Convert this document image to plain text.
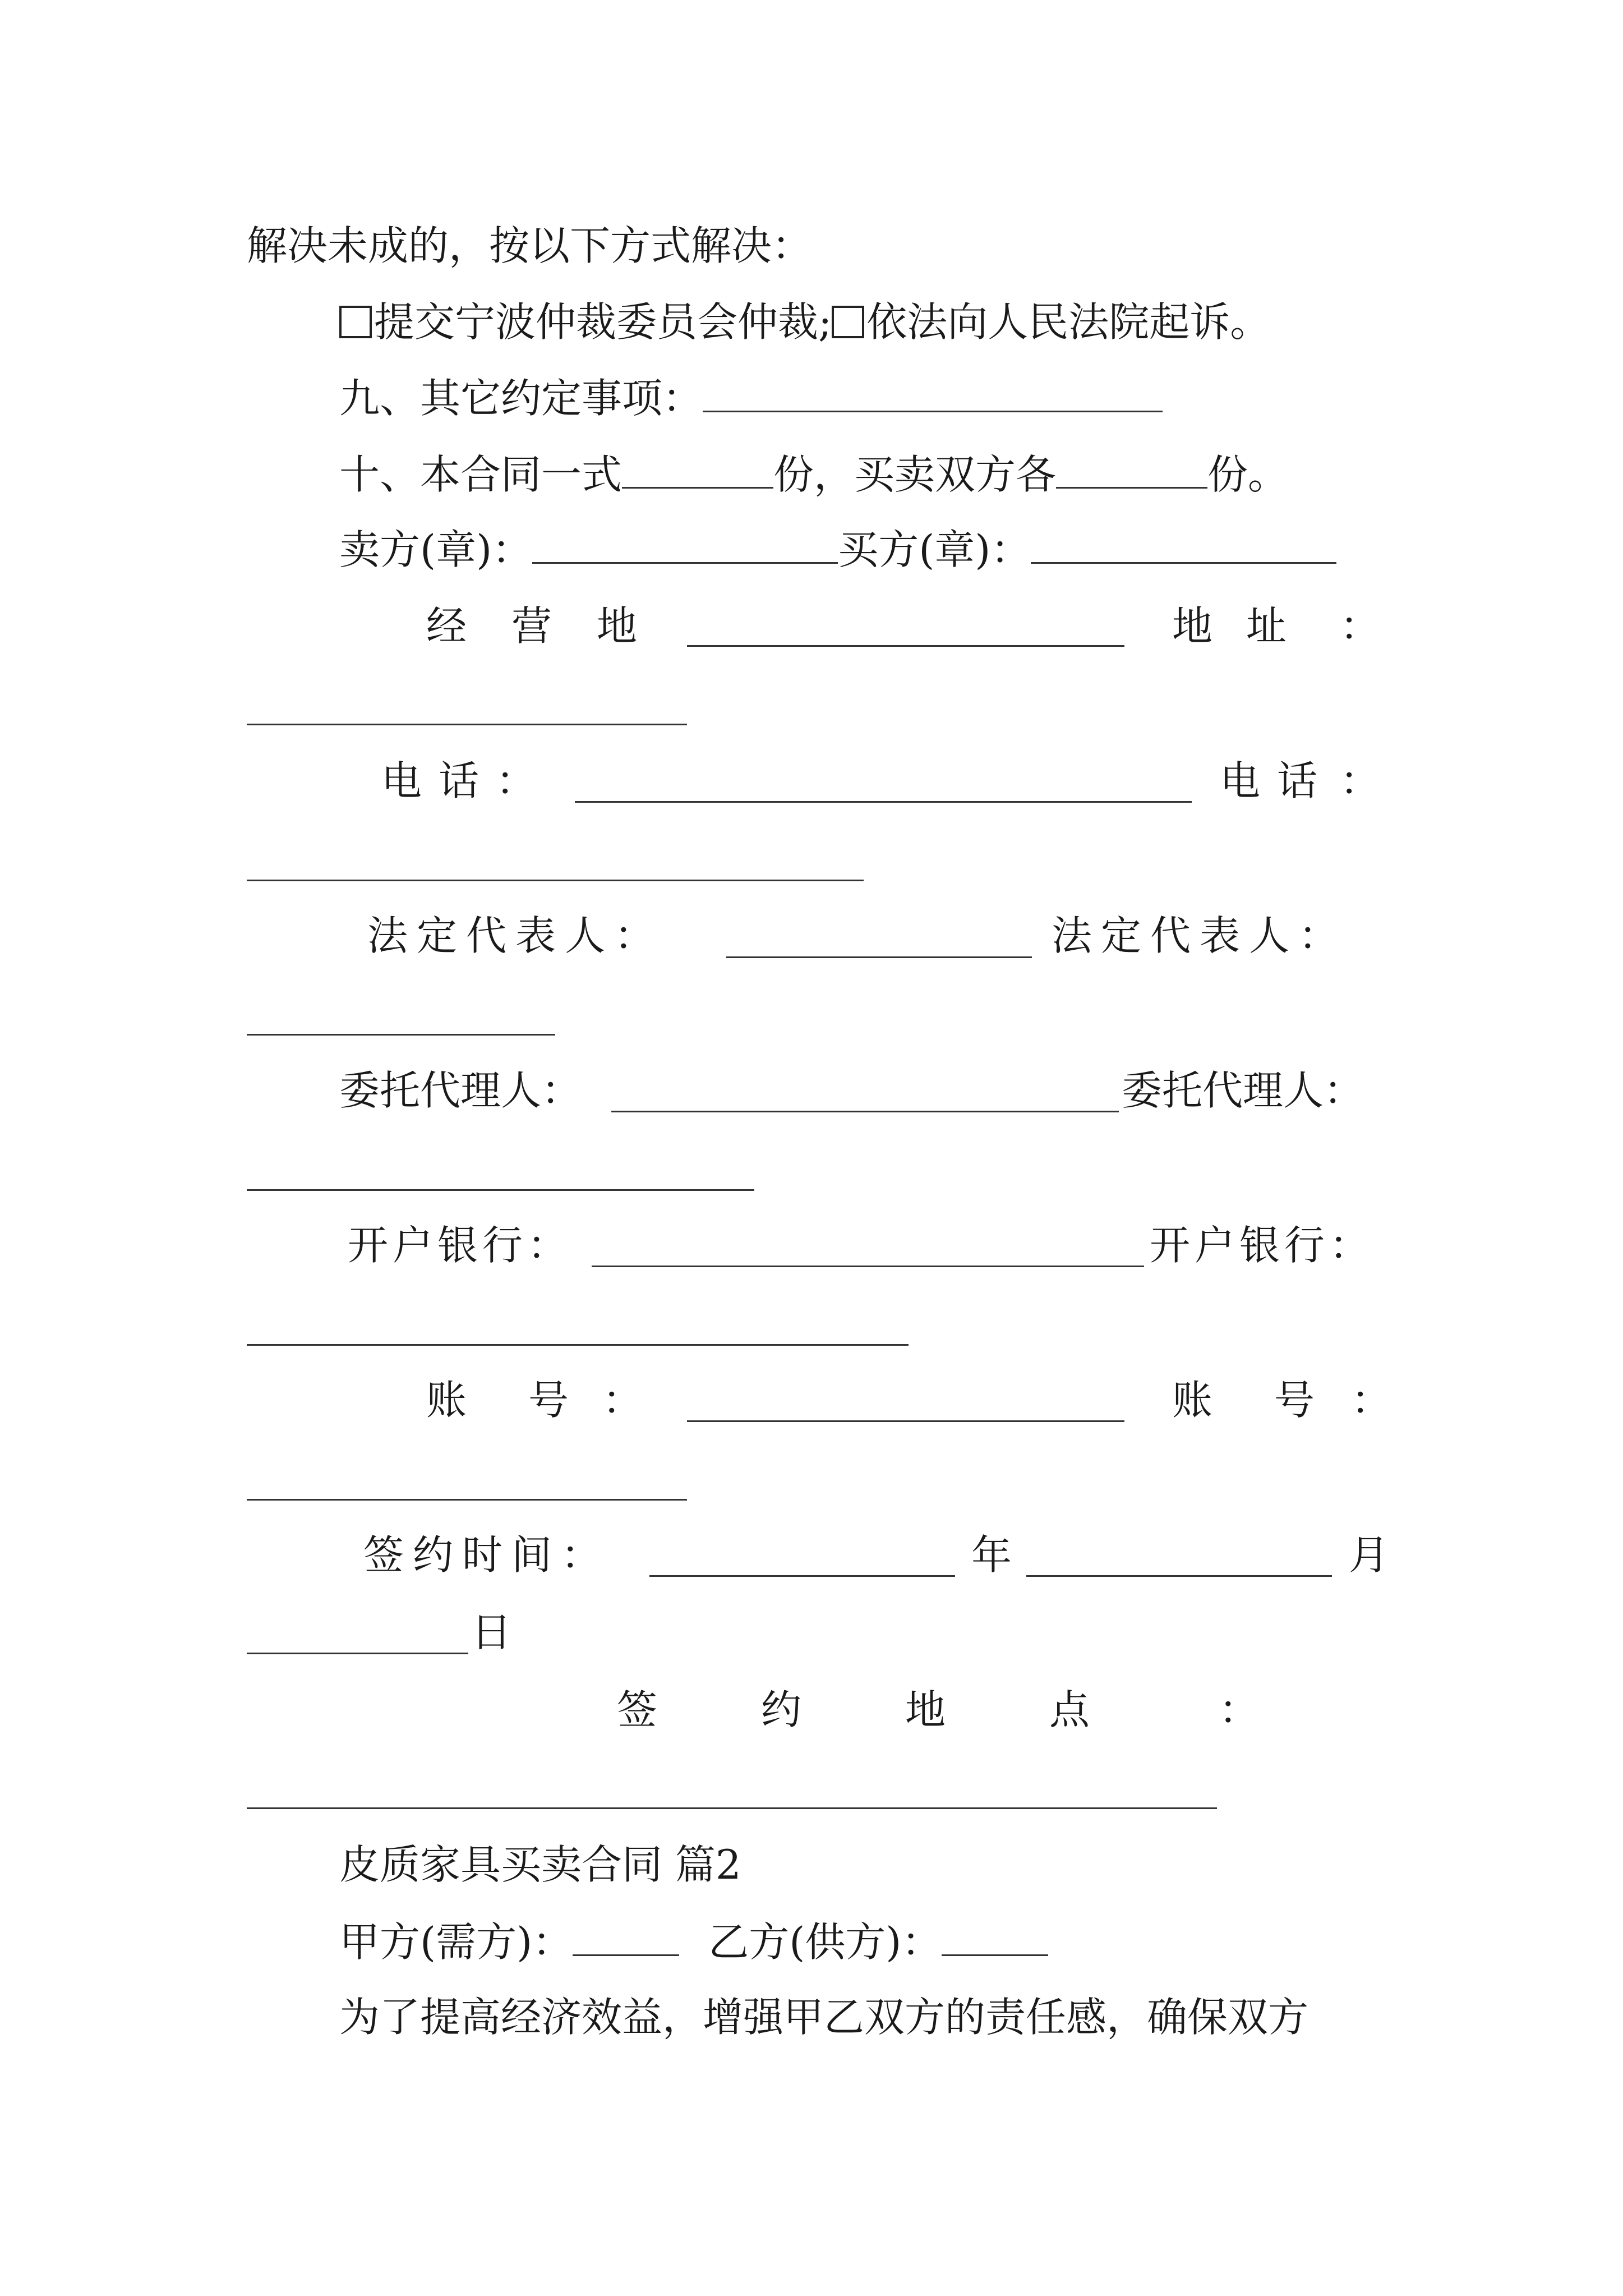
解决未成的，按以下方式解决：
提交宁波仲裁委员会仲裁; 依法向人民法院起诉。
九、其它约定事项：
十、本合同一式	份，买卖双方各	份。
卖方(章)：	买方(章)：
经 营 地	地 址 ：
电 话 ：	电 话 ：
法 定 代 表 人 ：	法 定 代 表 人 ：
委托代理人：	委托代理人：
开 户 银 行 ：	开 户 银 行 ：
账 号 ：	账 号 ：
签 约 时 间 ：	年	月
日
签	约	地	点	：
皮质家具买卖合同 篇2
甲方(需方)：	乙方(供方)：
为了提高经济效益，增强甲乙双方的责任感，确保双方
